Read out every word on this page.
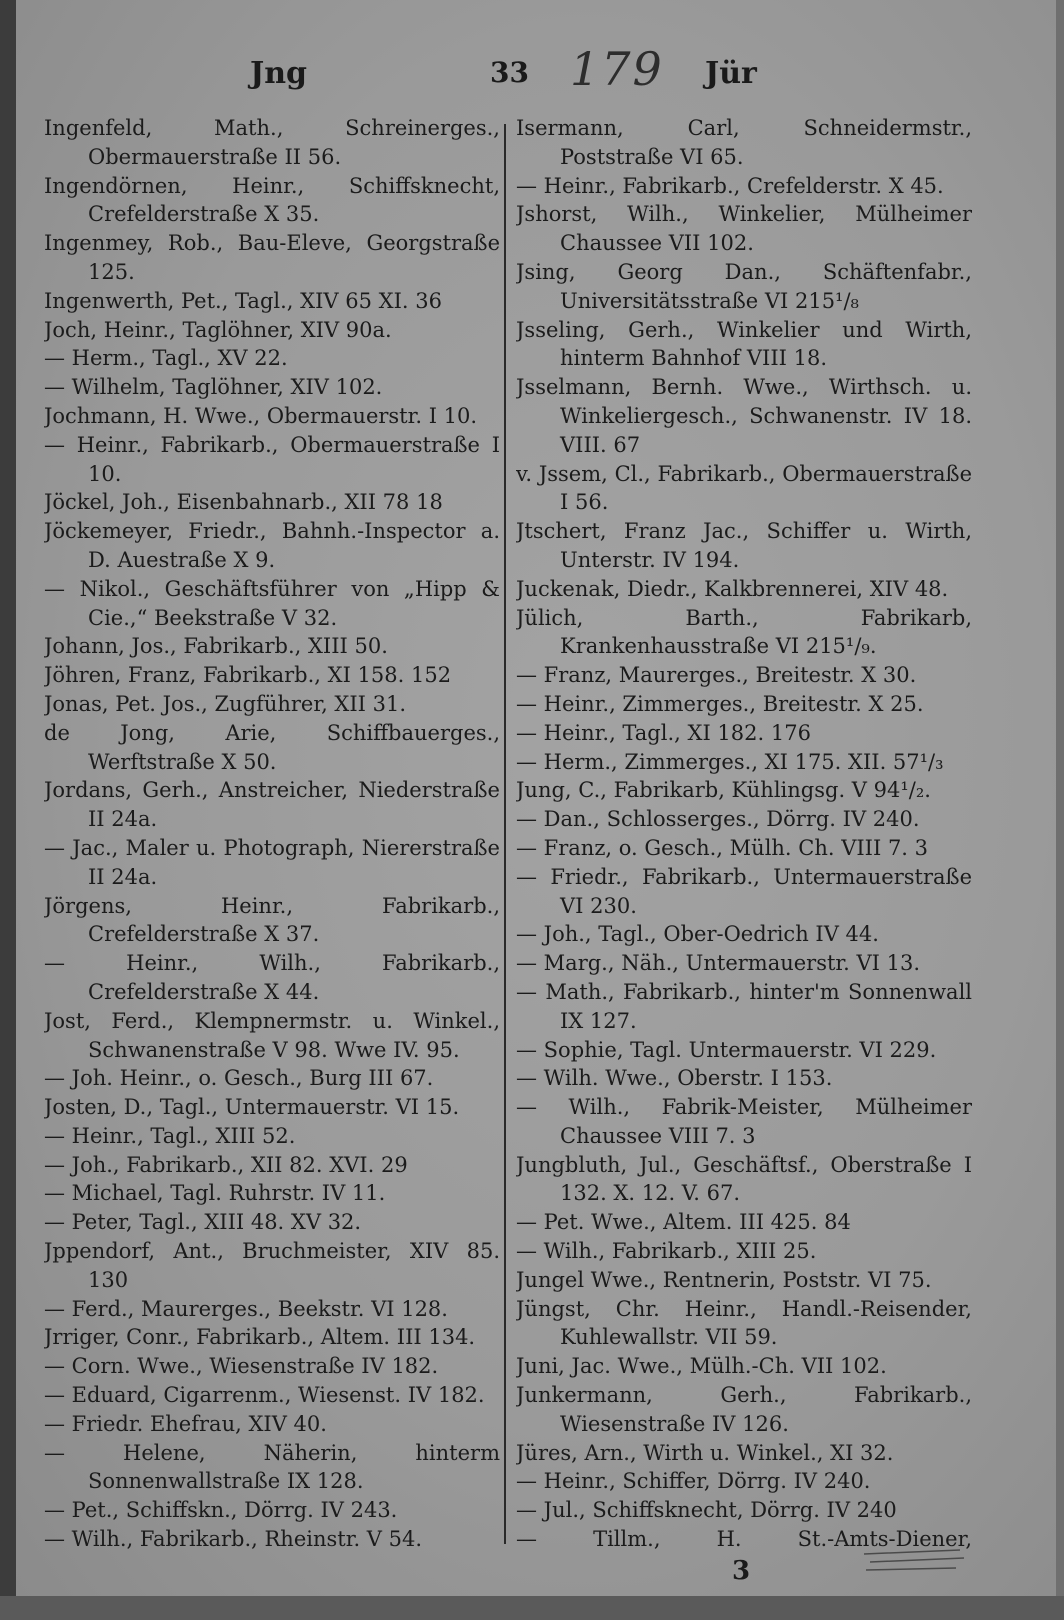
Jng	33 179 Jür
Ingenfeld, Math., Schreinerges., Obermauerstraße II 56.
Ingendörnen, Heinr., Schiffsknecht, Crefelderstraße X 35.
Ingenmey, Rob., Bau-Eleve, Georgstraße 125.
Ingenwerth, Pet., Tagl., XIV 65 XI. 36
Joch, Heinr., Taglöhner, XIV 90a.
— Herm., Tagl., XV 22.
— Wilhelm, Taglöhner, XIV 102.
Jochmann, H. Wwe., Obermauerstr. I 10.
— Heinr., Fabrikarb., Obermauerstraße I 10.
Jöckel, Joh., Eisenbahnarb., XII 78 18
Jöckemeyer, Friedr., Bahnh.-Inspector a. D. Auestraße X 9.
— Nikol., Geschäftsführer von „Hipp & Cie.,“ Beekstraße V 32.
Johann, Jos., Fabrikarb., XIII 50.
Jöhren, Franz, Fabrikarb., XI 158. 152
Jonas, Pet. Jos., Zugführer, XII 31.
de Jong, Arie, Schiffbauerges., Werftstraße X 50.
Jordans, Gerh., Anstreicher, Niederstraße II 24a.
— Jac., Maler u. Photograph, Niererstraße II 24a.
Jörgens, Heinr., Fabrikarb., Crefelderstraße X 37.
— Heinr., Wilh., Fabrikarb., Crefelderstraße X 44.
Jost, Ferd., Klempnermstr. u. Winkel., Schwanenstraße V 98. Wwe IV. 95.
— Joh. Heinr., o. Gesch., Burg III 67.
Josten, D., Tagl., Untermauerstr. VI 15.
— Heinr., Tagl., XIII 52.
— Joh., Fabrikarb., XII 82. XVI. 29
— Michael, Tagl. Ruhrstr. IV 11.
— Peter, Tagl., XIII 48. XV 32.
Jppendorf, Ant., Bruchmeister, XIV 85. 130
— Ferd., Maurerges., Beekstr. VI 128.
Jrriger, Conr., Fabrikarb., Altem. III 134.
— Corn. Wwe., Wiesenstraße IV 182.
— Eduard, Cigarrenm., Wiesenst. IV 182.
— Friedr. Ehefrau, XIV 40.
— Helene, Näherin, hinterm Sonnenwallstraße IX 128.
— Pet., Schiffskn., Dörrg. IV 243.
— Wilh., Fabrikarb., Rheinstr. V 54.
Isermann, Carl, Schneidermstr., Poststraße VI 65.
— Heinr., Fabrikarb., Crefelderstr. X 45.
Jshorst, Wilh., Winkelier, Mülheimer Chaussee VII 102.
Jsing, Georg Dan., Schäftenfabr., Universitätsstraße VI 215¹/₈
Jsseling, Gerh., Winkelier und Wirth, hinterm Bahnhof VIII 18.
Jsselmann, Bernh. Wwe., Wirthsch. u. Winkeliergesch., Schwanenstr. IV 18. VIII. 67
v. Jssem, Cl., Fabrikarb., Obermauerstraße I 56.
Jtschert, Franz Jac., Schiffer u. Wirth, Unterstr. IV 194.
Juckenak, Diedr., Kalkbrennerei, XIV 48.
Jülich, Barth., Fabrikarb, Krankenhausstraße VI 215¹/₉.
— Franz, Maurerges., Breitestr. X 30.
— Heinr., Zimmerges., Breitestr. X 25.
— Heinr., Tagl., XI 182. 176
— Herm., Zimmerges., XI 175. XII. 57¹/₃
Jung, C., Fabrikarb, Kühlingsg. V 94¹/₂.
— Dan., Schlosserges., Dörrg. IV 240.
— Franz, o. Gesch., Mülh. Ch. VIII 7. 3
— Friedr., Fabrikarb., Untermauerstraße VI 230.
— Joh., Tagl., Ober-Oedrich IV 44.
— Marg., Näh., Untermauerstr. VI 13.
— Math., Fabrikarb., hinter'm Sonnenwall IX 127.
— Sophie, Tagl. Untermauerstr. VI 229.
— Wilh. Wwe., Oberstr. I 153.
— Wilh., Fabrik-Meister, Mülheimer Chaussee VIII 7. 3
Jungbluth, Jul., Geschäftsf., Oberstraße I 132. X. 12. V. 67.
— Pet. Wwe., Altem. III 425. 84
— Wilh., Fabrikarb., XIII 25.
Jungel Wwe., Rentnerin, Poststr. VI 75.
Jüngst, Chr. Heinr., Handl.-Reisender, Kuhlewallstr. VII 59.
Juni, Jac. Wwe., Mülh.-Ch. VII 102.
Junkermann, Gerh., Fabrikarb., Wiesenstraße IV 126.
Jüres, Arn., Wirth u. Winkel., XI 32.
— Heinr., Schiffer, Dörrg. IV 240.
— Jul., Schiffsknecht, Dörrg. IV 240
— Tillm., H. St.-Amts-Diener,
3
